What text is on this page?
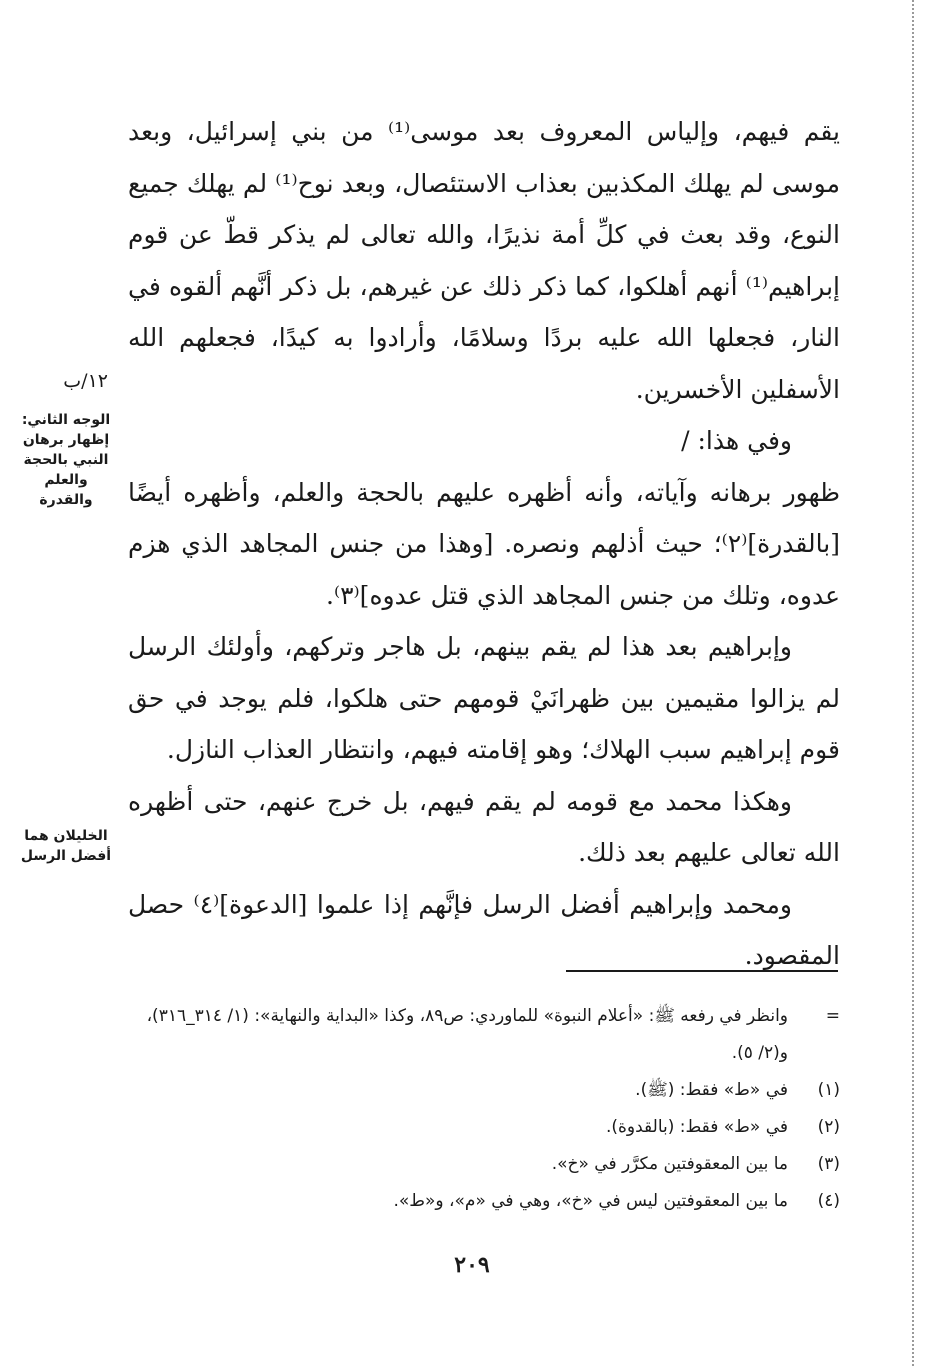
يقم فيهم، وإلياس المعروف بعد موسى⁽¹⁾ من بني إسرائيل، وبعد موسى لم يهلك المكذبين بعذاب الاستئصال، وبعد نوح⁽¹⁾ لم يهلك جميع النوع، وقد بعث في كلِّ أمة نذيرًا، والله تعالى لم يذكر قطّ عن قوم إبراهيم⁽¹⁾ أنهم أهلكوا، كما ذكر ذلك عن غيرهم، بل ذكر أنَّهم ألقوه في النار، فجعلها الله عليه بردًا وسلامًا، وأرادوا به كيدًا، فجعلهم الله الأسفلين الأخسرين.

وفي هذا: /

ظهور برهانه وآياته، وأنه أظهره عليهم بالحجة والعلم، وأظهره أيضًا [بالقدرة]⁽٢⁾؛ حيث أذلهم ونصره. [وهذا من جنس المجاهد الذي هزم عدوه، وتلك من جنس المجاهد الذي قتل عدوه]⁽٣⁾.

وإبراهيم بعد هذا لم يقم بينهم، بل هاجر وتركهم، وأولئك الرسل لم يزالوا مقيمين بين ظهرانَيْ قومهم حتى هلكوا، فلم يوجد في حق قوم إبراهيم سبب الهلاك؛ وهو إقامته فيهم، وانتظار العذاب النازل.

وهكذا محمد مع قومه لم يقم فيهم، بل خرج عنهم، حتى أظهره الله تعالى عليهم بعد ذلك.

ومحمد وإبراهيم أفضل الرسل فإنَّهم إذا علموا [الدعوة]⁽٤⁾ حصل المقصود.

١٢/ب
الوجه الثاني: إظهار برهان النبي بالحجة والعلم والقدرة
الخليلان هما أفضل الرسل
=
وانظر في رفعه ﷺ: «أعلام النبوة» للماوردي: ص٨٩، وكذا «البداية والنهاية»: (١/ ٣١٤_٣١٦)، و(٢/ ٥).
(١)
في «ط» فقط: (ﷺ).
(٢)
في «ط» فقط: (بالقدوة).
(٣)
ما بين المعقوفتين مكرَّر في «خ».
(٤)
ما بين المعقوفتين ليس في «خ»، وهي في «م»، و«ط».
٢٠٩
